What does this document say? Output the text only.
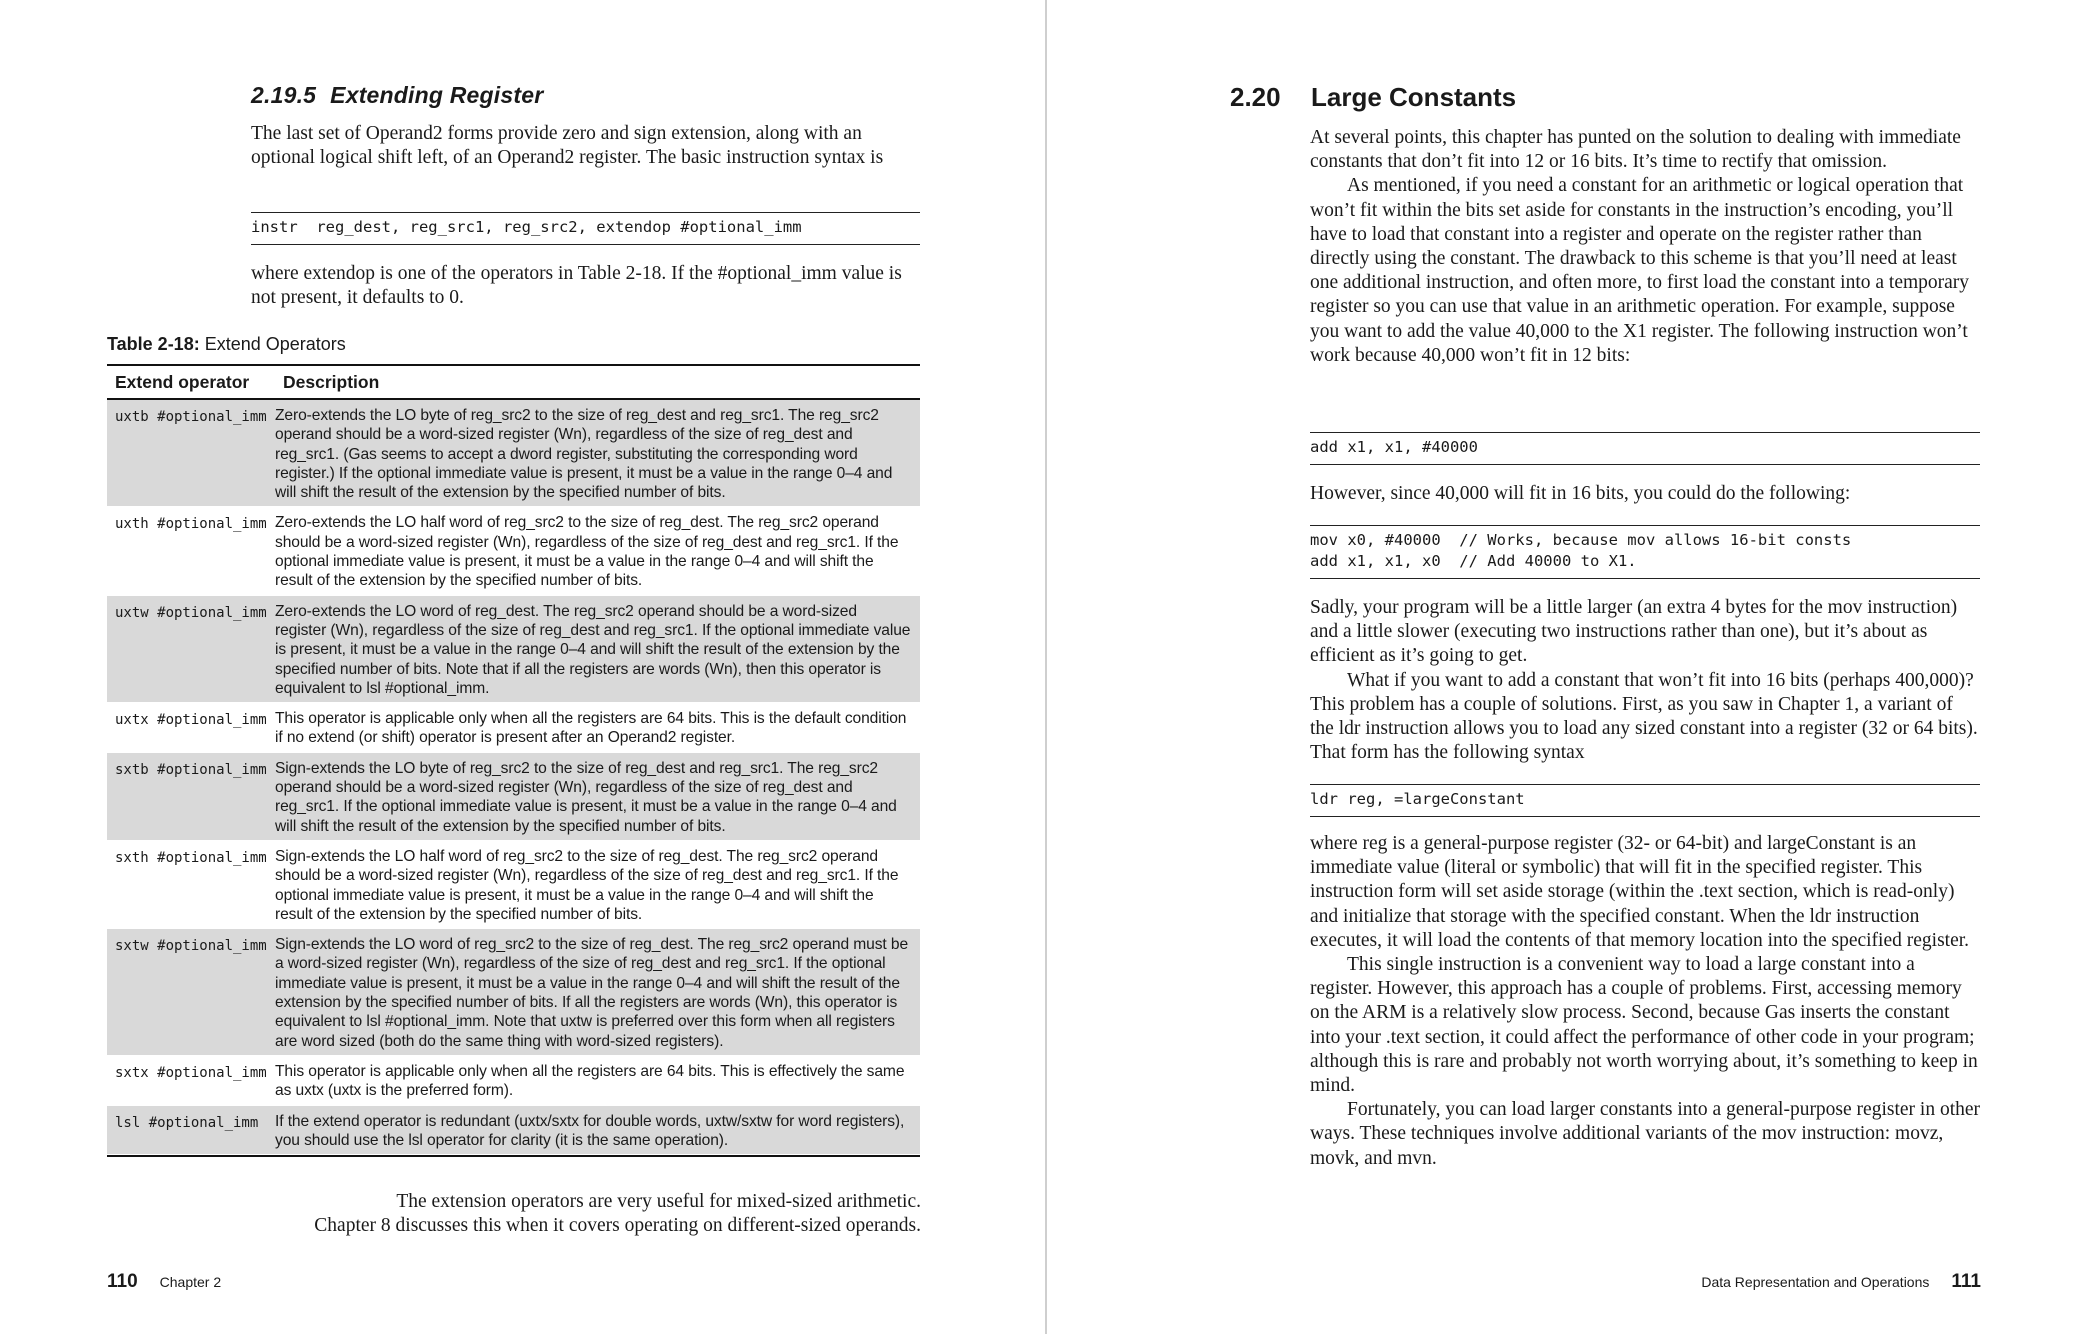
2.19.5 Extending Register

The last set of Operand2 forms provide zero and sign extension, along with an optional logical shift left, of an Operand2 register. The basic instruction syntax is

instr  reg_dest, reg_src1, reg_src2, extendop #optional_imm

where extendop is one of the operators in Table 2-18. If the #optional_imm value is not present, it defaults to 0.

Table 2-18: Extend Operators
Extend operator	Description
uxtb #optional_imm Zero-extends the LO byte of reg_src2 to the size of reg_dest and reg_src1. The reg_src2 operand should be a word-sized register (Wn), regardless of the size of reg_dest and reg_src1. (Gas seems to accept a dword register, substituting the corresponding word register.) If the optional immediate value is present, it must be a value in the range 0–4 and will shift the result of the extension by the specified number of bits.
uxth #optional_imm Zero-extends the LO half word of reg_src2 to the size of reg_dest. The reg_src2 operand should be a word-sized register (Wn), regardless of the size of reg_dest and reg_src1. If the optional immediate value is present, it must be a value in the range 0–4 and will shift the result of the extension by the specified number of bits.
uxtw #optional_imm Zero-extends the LO word of reg_dest. The reg_src2 operand should be a word-sized register (Wn), regardless of the size of reg_dest and reg_src1. If the optional immediate value is present, it must be a value in the range 0–4 and will shift the result of the extension by the specified number of bits. Note that if all the registers are words (Wn), then this operator is equivalent to lsl #optional_imm.
uxtx #optional_imm This operator is applicable only when all the registers are 64 bits. This is the default condition if no extend (or shift) operator is present after an Operand2 register.
sxtb #optional_imm Sign-extends the LO byte of reg_src2 to the size of reg_dest and reg_src1. The reg_src2 operand should be a word-sized register (Wn), regardless of the size of reg_dest and reg_src1. If the optional immediate value is present, it must be a value in the range 0–4 and will shift the result of the extension by the specified number of bits.
sxth #optional_imm Sign-extends the LO half word of reg_src2 to the size of reg_dest. The reg_src2 operand should be a word-sized register (Wn), regardless of the size of reg_dest and reg_src1. If the optional immediate value is present, it must be a value in the range 0–4 and will shift the result of the extension by the specified number of bits.
sxtw #optional_imm Sign-extends the LO word of reg_src2 to the size of reg_dest. The reg_src2 operand must be a word-sized register (Wn), regardless of the size of reg_dest and reg_src1. If the optional immediate value is present, it must be a value in the range 0–4 and will shift the result of the extension by the specified number of bits. If all the registers are words (Wn), this operator is equivalent to lsl #optional_imm. Note that uxtw is preferred over this form when all registers are word sized (both do the same thing with word-sized registers).
sxtx #optional_imm This operator is applicable only when all the registers are 64 bits. This is effectively the same as uxtx (uxtx is the preferred form).
lsl #optional_imm	If the extend operator is redundant (uxtx/sxtx for double words, uxtw/sxtw for word registers), you should use the lsl operator for clarity (it is the same operation).
The extension operators are very useful for mixed-sized arithmetic.
Chapter 8 discusses this when it covers operating on different-sized operands.
110 Chapter 2
2.20 Large Constants

At several points, this chapter has punted on the solution to dealing with immediate constants that don’t fit into 12 or 16 bits. It’s time to rectify that omission.

As mentioned, if you need a constant for an arithmetic or logical operation that won’t fit within the bits set aside for constants in the instruction’s encoding, you’ll have to load that constant into a register and operate on the register rather than directly using the constant. The drawback to this scheme is that you’ll need at least one additional instruction, and often more, to first load the constant into a temporary register so you can use that value in an arithmetic operation. For example, suppose you want to add the value 40,000 to the X1 register. The following instruction won’t work because 40,000 won’t fit in 12 bits:

add x1, x1, #40000

However, since 40,000 will fit in 16 bits, you could do the following:

mov x0, #40000  // Works, because mov allows 16-bit consts
add x1, x1, x0  // Add 40000 to X1.

Sadly, your program will be a little larger (an extra 4 bytes for the mov instruction) and a little slower (executing two instructions rather than one), but it’s about as efficient as it’s going to get.

What if you want to add a constant that won’t fit into 16 bits (perhaps 400,000)? This problem has a couple of solutions. First, as you saw in Chapter 1, a variant of the ldr instruction allows you to load any sized constant into a register (32 or 64 bits). That form has the following syntax

ldr reg, =largeConstant

where reg is a general-purpose register (32- or 64-bit) and largeConstant is an immediate value (literal or symbolic) that will fit in the specified register. This instruction form will set aside storage (within the .text section, which is read-only) and initialize that storage with the specified constant. When the ldr instruction executes, it will load the contents of that memory location into the specified register.

This single instruction is a convenient way to load a large constant into a register. However, this approach has a couple of problems. First, accessing memory on the ARM is a relatively slow process. Second, because Gas inserts the constant into your .text section, it could affect the performance of other code in your program; although this is rare and probably not worth worrying about, it’s something to keep in mind.

Fortunately, you can load larger constants into a general-purpose register in other ways. These techniques involve additional variants of the mov instruction: movz, movk, and mvn.

Data Representation and Operations 111
